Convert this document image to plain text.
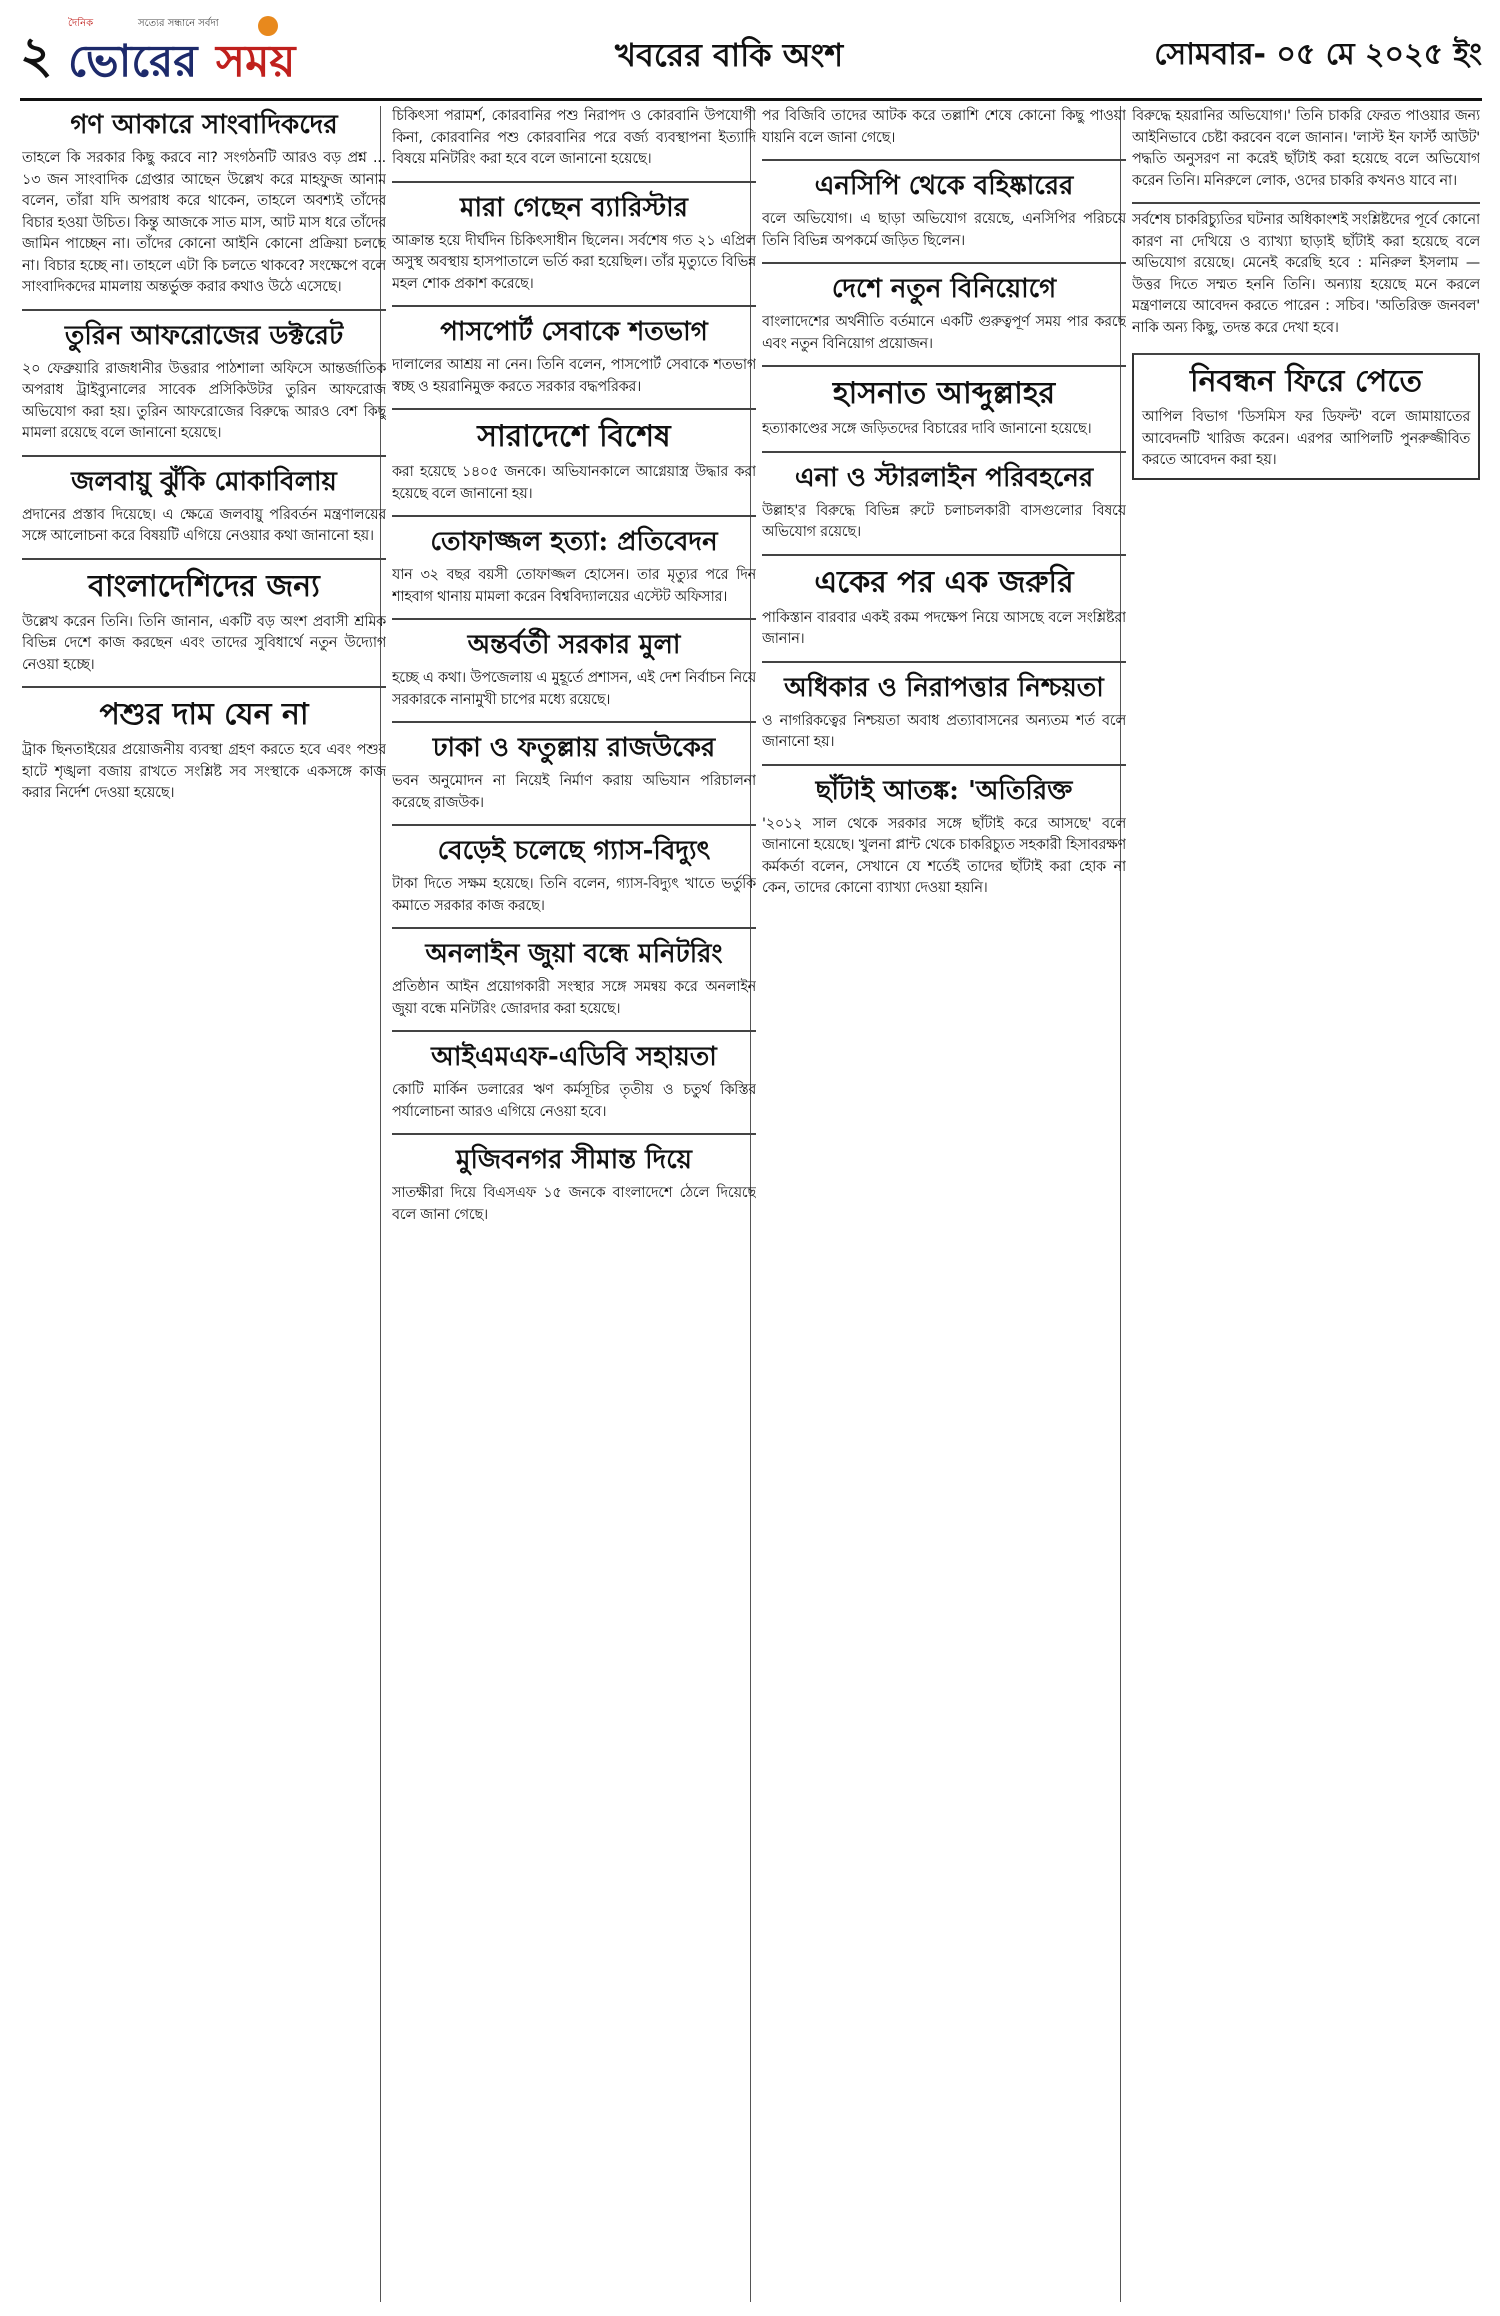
২
দৈনিক	সত্যের সন্ধানে সর্বদা
ভোরের সময়	খবরের বাকি অংশ	সোমবার- ০৫ মে ২০২৫ ইং
গণ আকারে সাংবাদিকদের

তাহলে কি সরকার কিছু করবে না? সংগঠনটি আরও বড় প্রশ্ন ... ১৩ জন সাংবাদিক গ্রেপ্তার আছেন উল্লেখ করে মাহফুজ আনাম বলেন, তাঁরা যদি অপরাধ করে থাকেন, তাহলে অবশ্যই তাঁদের বিচার হওয়া উচিত। কিন্তু আজকে সাত মাস, আট মাস ধরে তাঁদের জামিন পাচ্ছেন না। তাঁদের কোনো আইনি কোনো প্রক্রিয়া চলছে না। বিচার হচ্ছে না। তাহলে এটা কি চলতে থাকবে? সংক্ষেপে বলে সাংবাদিকদের মামলায় অন্তর্ভুক্ত করার কথাও উঠে এসেছে।

তুরিন আফরোজের ডক্টরেট

২০ ফেব্রুয়ারি রাজধানীর উত্তরার পাঠশালা অফিসে আন্তর্জাতিক অপরাধ ট্রাইব্যুনালের সাবেক প্রসিকিউটর তুরিন আফরোজ অভিযোগ করা হয়। তুরিন আফরোজের বিরুদ্ধে আরও বেশ কিছু মামলা রয়েছে বলে জানানো হয়েছে।

জলবায়ু ঝুঁকি মোকাবিলায়

প্রদানের প্রস্তাব দিয়েছে। এ ক্ষেত্রে জলবায়ু পরিবর্তন মন্ত্রণালয়ের সঙ্গে আলোচনা করে বিষয়টি এগিয়ে নেওয়ার কথা জানানো হয়।

বাংলাদেশিদের জন্য

উল্লেখ করেন তিনি। তিনি জানান, একটি বড় অংশ প্রবাসী শ্রমিক বিভিন্ন দেশে কাজ করছেন এবং তাদের সুবিধার্থে নতুন উদ্যোগ নেওয়া হচ্ছে।

পশুর দাম যেন না

ট্রাক ছিনতাইয়ের প্রয়োজনীয় ব্যবস্থা গ্রহণ করতে হবে এবং পশুর হাটে শৃঙ্খলা বজায় রাখতে সংশ্লিষ্ট সব সংস্থাকে একসঙ্গে কাজ করার নির্দেশ দেওয়া হয়েছে।

চিকিৎসা পরামর্শ, কোরবানির পশু নিরাপদ ও কোরবানি উপযোগী কিনা, কোরবানির পশু কোরবানির পরে বর্জ্য ব্যবস্থাপনা ইত্যাদি বিষয়ে মনিটরিং করা হবে বলে জানানো হয়েছে।

মারা গেছেন ব্যারিস্টার

আক্রান্ত হয়ে দীর্ঘদিন চিকিৎসাধীন ছিলেন। সর্বশেষ গত ২১ এপ্রিল অসুস্থ অবস্থায় হাসপাতালে ভর্তি করা হয়েছিল। তাঁর মৃত্যুতে বিভিন্ন মহল শোক প্রকাশ করেছে।

পাসপোর্ট সেবাকে শতভাগ

দালালের আশ্রয় না নেন। তিনি বলেন, পাসপোর্ট সেবাকে শতভাগ স্বচ্ছ ও হয়রানিমুক্ত করতে সরকার বদ্ধপরিকর।

সারাদেশে বিশেষ

করা হয়েছে ১৪০৫ জনকে। অভিযানকালে আগ্নেয়াস্ত্র উদ্ধার করা হয়েছে বলে জানানো হয়।

তোফাজ্জল হত্যা: প্রতিবেদন

যান ৩২ বছর বয়সী তোফাজ্জল হোসেন। তার মৃত্যুর পরে দিন শাহবাগ থানায় মামলা করেন বিশ্ববিদ্যালয়ের এস্টেট অফিসার।

অন্তর্বর্তী সরকার মুলা

হচ্ছে এ কথা। উপজেলায় এ মুহূর্তে প্রশাসন, এই দেশ নির্বাচন নিয়ে সরকারকে নানামুখী চাপের মধ্যে রয়েছে।

ঢাকা ও ফতুল্লায় রাজউকের

ভবন অনুমোদন না নিয়েই নির্মাণ করায় অভিযান পরিচালনা করেছে রাজউক।

বেড়েই চলেছে গ্যাস-বিদ্যুৎ

টাকা দিতে সক্ষম হয়েছে। তিনি বলেন, গ্যাস-বিদ্যুৎ খাতে ভর্তুকি কমাতে সরকার কাজ করছে।

অনলাইন জুয়া বন্ধে মনিটরিং

প্রতিষ্ঠান আইন প্রয়োগকারী সংস্থার সঙ্গে সমন্বয় করে অনলাইন জুয়া বন্ধে মনিটরিং জোরদার করা হয়েছে।

আইএমএফ-এডিবি সহায়তা

কোটি মার্কিন ডলারের ঋণ কর্মসূচির তৃতীয় ও চতুর্থ কিস্তির পর্যালোচনা আরও এগিয়ে নেওয়া হবে।

মুজিবনগর সীমান্ত দিয়ে

সাতক্ষীরা দিয়ে বিএসএফ ১৫ জনকে বাংলাদেশে ঠেলে দিয়েছে বলে জানা গেছে।

পর বিজিবি তাদের আটক করে তল্লাশি শেষে কোনো কিছু পাওয়া যায়নি বলে জানা গেছে।

এনসিপি থেকে বহিষ্কারের

বলে অভিযোগ। এ ছাড়া অভিযোগ রয়েছে, এনসিপির পরিচয়ে তিনি বিভিন্ন অপকর্মে জড়িত ছিলেন।

দেশে নতুন বিনিয়োগে

বাংলাদেশের অর্থনীতি বর্তমানে একটি গুরুত্বপূর্ণ সময় পার করছে এবং নতুন বিনিয়োগ প্রয়োজন।

হাসনাত আব্দুল্লাহর

হত্যাকাণ্ডের সঙ্গে জড়িতদের বিচারের দাবি জানানো হয়েছে।

এনা ও স্টারলাইন পরিবহনের

উল্লাহ'র বিরুদ্ধে বিভিন্ন রুটে চলাচলকারী বাসগুলোর বিষয়ে অভিযোগ রয়েছে।

একের পর এক জরুরি

পাকিস্তান বারবার একই রকম পদক্ষেপ নিয়ে আসছে বলে সংশ্লিষ্টরা জানান।

অধিকার ও নিরাপত্তার নিশ্চয়তা

ও নাগরিকত্বের নিশ্চয়তা অবাধ প্রত্যাবাসনের অন্যতম শর্ত বলে জানানো হয়।

ছাঁটাই আতঙ্ক: 'অতিরিক্ত

'২০১২ সাল থেকে সরকার সঙ্গে ছাঁটাই করে আসছে' বলে জানানো হয়েছে। খুলনা প্লান্ট থেকে চাকরিচ্যুত সহকারী হিসাবরক্ষণ কর্মকর্তা বলেন, সেখানে যে শর্তেই তাদের ছাঁটাই করা হোক না কেন, তাদের কোনো ব্যাখ্যা দেওয়া হয়নি।

বিরুদ্ধে হয়রানির অভিযোগ।' তিনি চাকরি ফেরত পাওয়ার জন্য আইনিভাবে চেষ্টা করবেন বলে জানান। 'লাস্ট ইন ফার্স্ট আউট' পদ্ধতি অনুসরণ না করেই ছাঁটাই করা হয়েছে বলে অভিযোগ করেন তিনি। মনিরুলে লোক, ওদের চাকরি কখনও যাবে না।

সর্বশেষ চাকরিচ্যুতির ঘটনার অধিকাংশই সংশ্লিষ্টদের পূর্বে কোনো কারণ না দেখিয়ে ও ব্যাখ্যা ছাড়াই ছাঁটাই করা হয়েছে বলে অভিযোগ রয়েছে। মেনেই করেছি হবে : মনিরুল ইসলাম — উত্তর দিতে সম্মত হননি তিনি। অন্যায় হয়েছে মনে করলে মন্ত্রণালয়ে আবেদন করতে পারেন : সচিব। 'অতিরিক্ত জনবল' নাকি অন্য কিছু, তদন্ত করে দেখা হবে।

নিবন্ধন ফিরে পেতে

আপিল বিভাগ 'ডিসমিস ফর ডিফল্ট' বলে জামায়াতের আবেদনটি খারিজ করেন। এরপর আপিলটি পুনরুজ্জীবিত করতে আবেদন করা হয়।
